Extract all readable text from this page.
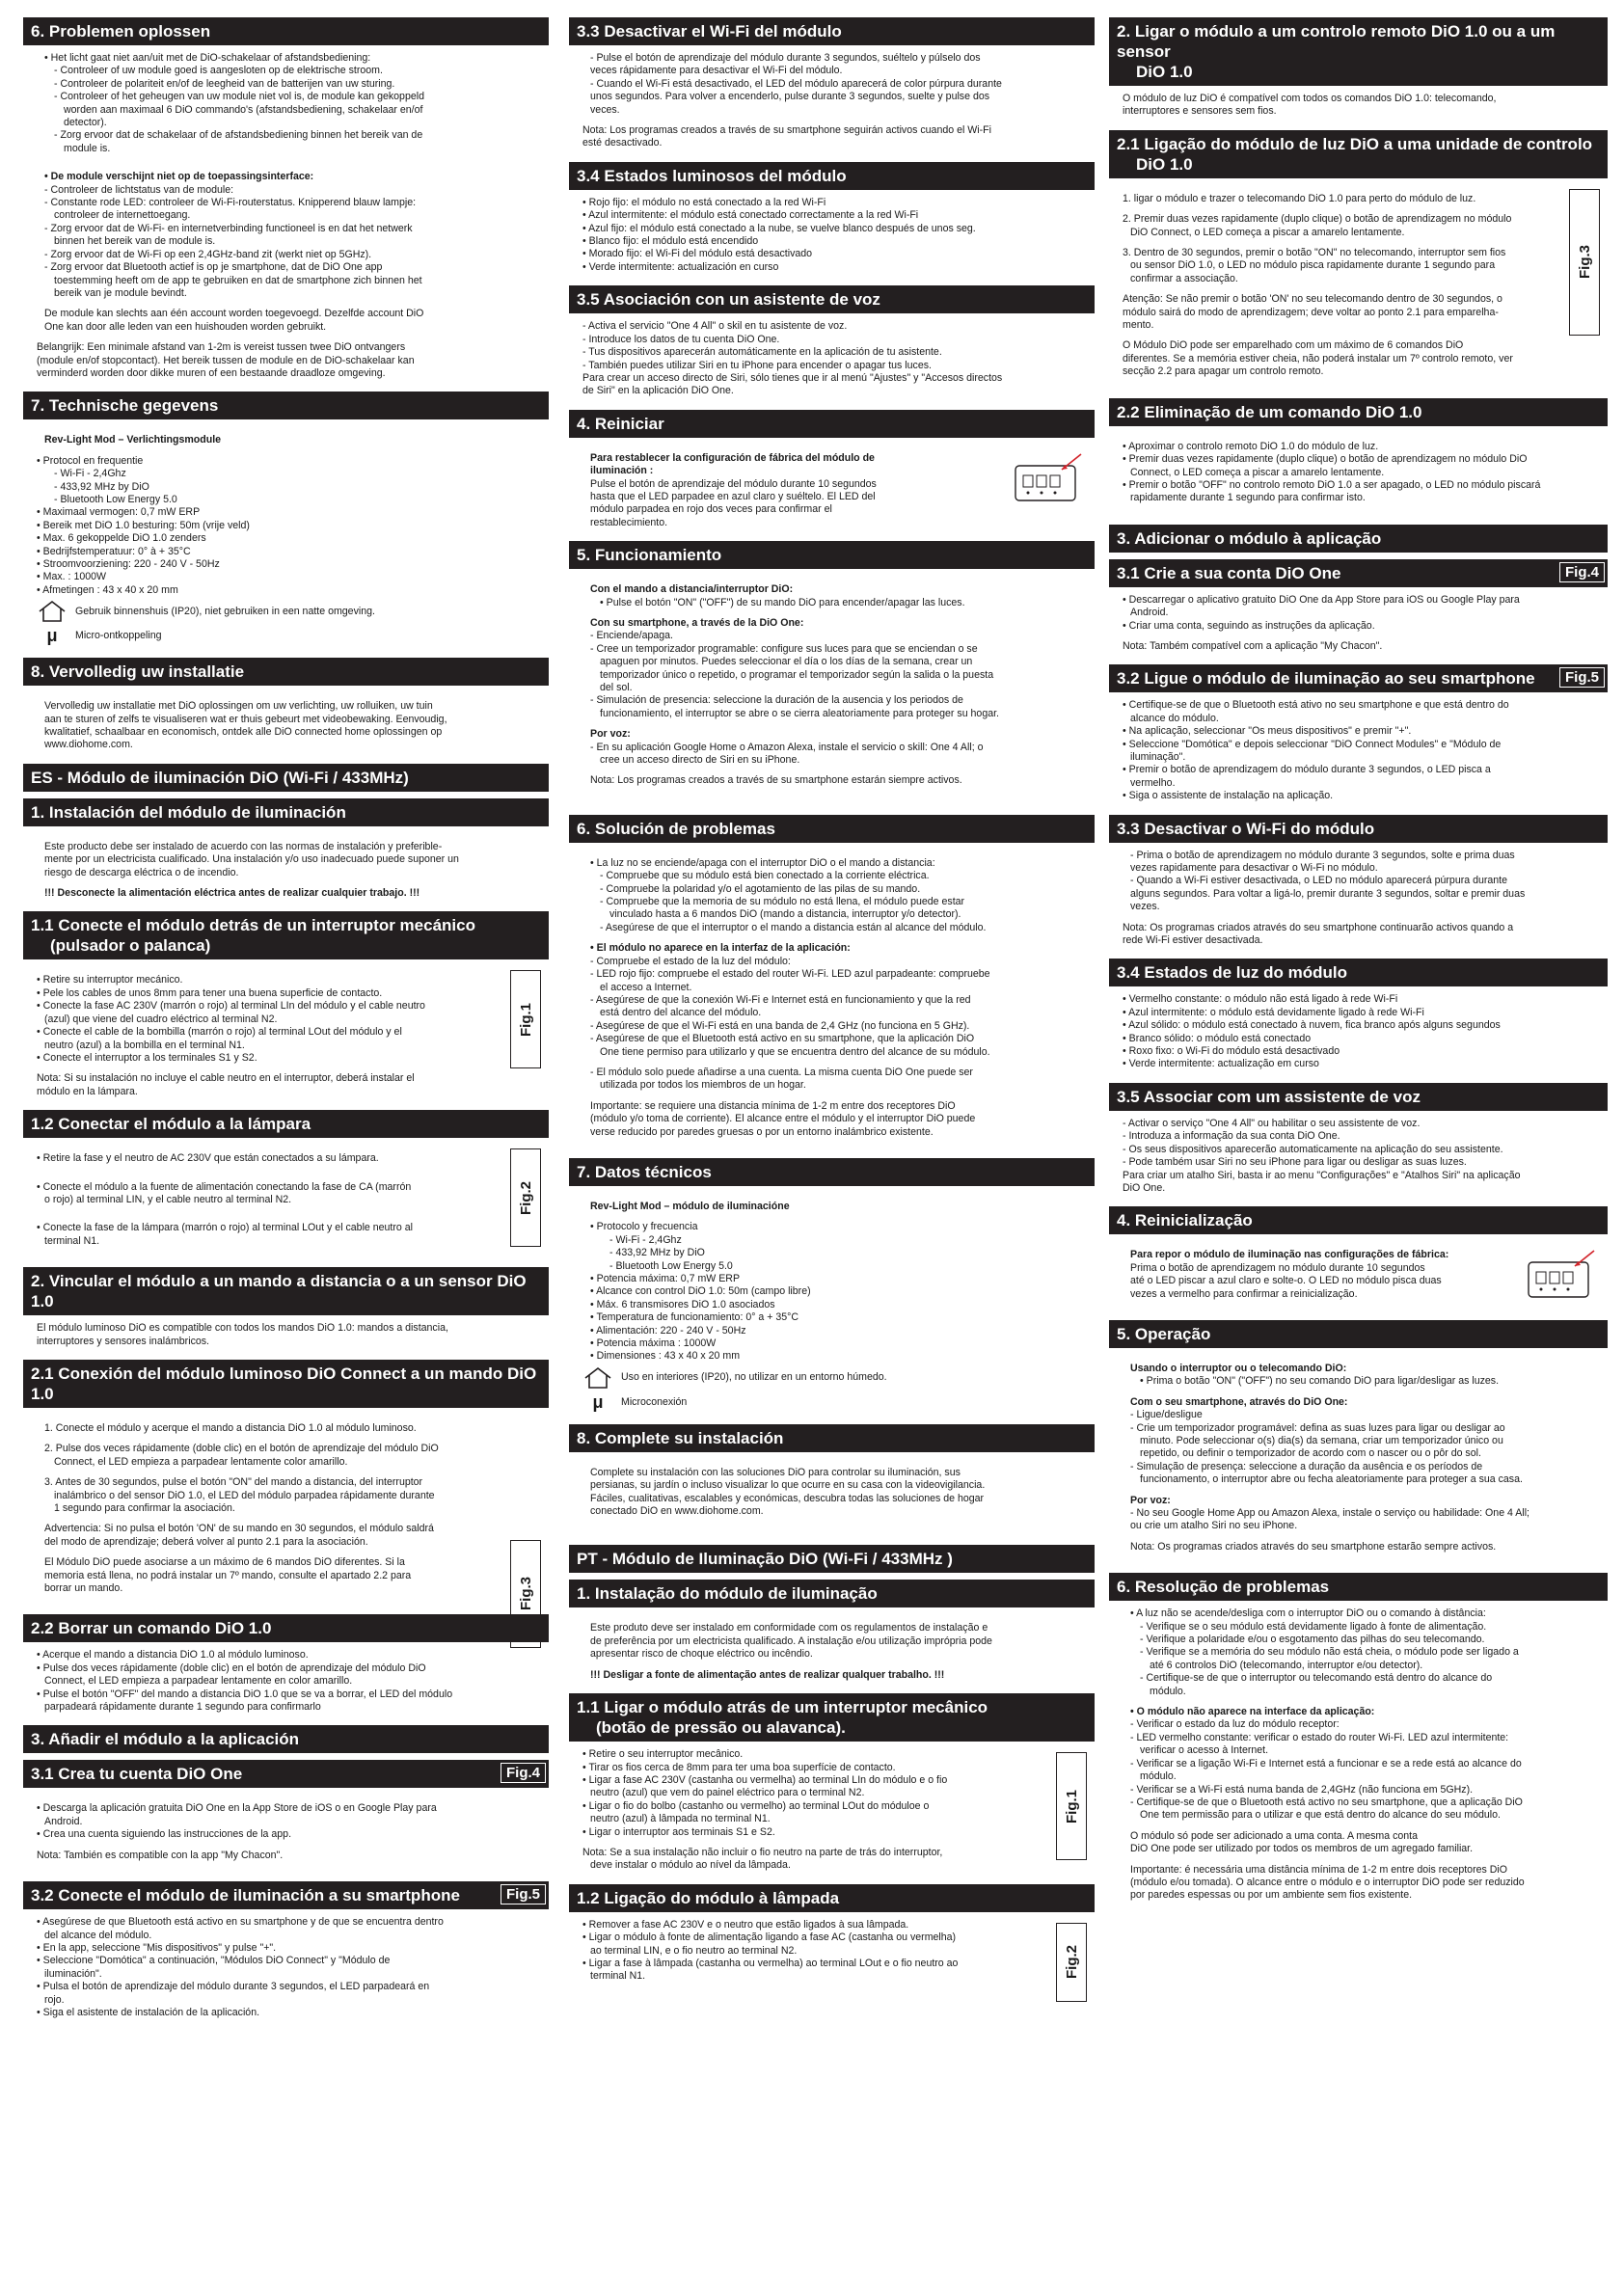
6. Problemen oplossen
• Het licht gaat niet aan/uit met de DiO-schakelaar of afstandsbediening:
- Controleer of uw module goed is aangesloten op de elektrische stroom.
- Controleer de polariteit en/of de leegheid van de batterijen van uw sturing.
- Controleer of het geheugen van uw module niet vol is, de module kan gekoppeld
worden aan maximaal 6 DiO commando's (afstandsbediening, schakelaar en/of
detector).
- Zorg ervoor dat de schakelaar of de afstandsbediening binnen het bereik van de
module is.
• De module verschijnt niet op de toepassingsinterface:
- Controleer de lichtstatus van de module:
- Constante rode LED: controleer de Wi-Fi-routerstatus. Knipperend blauw lampje:
controleer de internettoegang.
- Zorg ervoor dat de Wi-Fi- en internetverbinding functioneel is en dat het netwerk
binnen het bereik van de module is.
- Zorg ervoor dat de Wi-Fi op een 2,4GHz-band zit (werkt niet op 5GHz).
- Zorg ervoor dat Bluetooth actief is op je smartphone, dat de DiO One app
toestemming heeft om de app te gebruiken en dat de smartphone zich binnen het
bereik van je module bevindt.
De module kan slechts aan één account worden toegevoegd. Dezelfde account DiO
One kan door alle leden van een huishouden worden gebruikt.
Belangrijk: Een minimale afstand van 1-2m is vereist tussen twee DiO ontvangers
(module en/of stopcontact). Het bereik tussen de module en de DiO-schakelaar kan
verminderd worden door dikke muren of een bestaande draadloze omgeving.
7. Technische gegevens
Rev-Light Mod – Verlichtingsmodule
• Protocol en frequentie
- Wi-Fi - 2,4Ghz
- 433,92 MHz by DiO
- Bluetooth Low Energy 5.0
• Maximaal vermogen: 0,7 mW ERP
• Bereik met DiO 1.0 besturing: 50m (vrije veld)
• Max. 6 gekoppelde DiO 1.0 zenders
• Bedrijfstemperatuur: 0° à + 35°C
• Stroomvoorziening: 220 - 240 V - 50Hz
• Max. : 1000W
• Afmetingen : 43 x 40 x 20 mm
Gebruik binnenshuis (IP20), niet gebruiken in een natte omgeving.
μ	Micro-ontkoppeling
8. Vervolledig uw installatie
Vervolledig uw installatie met DiO oplossingen om uw verlichting, uw rolluiken, uw tuin
aan te sturen of zelfs te visualiseren wat er thuis gebeurt met videobewaking. Eenvoudig,
kwalitatief, schaalbaar en economisch, ontdek alle DiO connected home oplossingen op
www.diohome.com.
ES - Módulo de iluminación DiO (Wi-Fi / 433MHz)
1. Instalación del módulo de iluminación
Este producto debe ser instalado de acuerdo con las normas de instalación y preferible-
mente por un electricista cualificado. Una instalación y/o uso inadecuado puede suponer un
riesgo de descarga eléctrica o de incendio.
!!! Desconecte la alimentación eléctrica antes de realizar cualquier trabajo. !!!
1.1 Conecte el módulo detrás de un interruptor mecánico
(pulsador o palanca)
• Retire su interruptor mecánico.
• Pele los cables de unos 8mm para tener una buena superficie de contacto.
• Conecte la fase AC 230V (marrón o rojo) al terminal LIn del módulo y el cable neutro
(azul) que viene del cuadro eléctrico al terminal N2.
• Conecte el cable de la bombilla (marrón o rojo) al terminal LOut del módulo y el
neutro (azul) a la bombilla en el terminal N1.
• Conecte el interruptor a los terminales S1 y S2.
Nota: Si su instalación no incluye el cable neutro en el interruptor, deberá instalar el
módulo en la lámpara.
Fig.1
1.2 Conectar el módulo a la lámpara
• Retire la fase y el neutro de AC 230V que están conectados a su lámpara.
• Conecte el módulo a la fuente de alimentación conectando la fase de CA (marrón
o rojo) al terminal LIN, y el cable neutro al terminal N2.
• Conecte la fase de la lámpara (marrón o rojo) al terminal LOut y el cable neutro al
terminal N1.
Fig.2
2. Vincular el módulo a un mando a distancia o a un sensor DiO 1.0
El módulo luminoso DiO es compatible con todos los mandos DiO 1.0: mandos a distancia,
interruptores y sensores inalámbricos.
2.1 Conexión del módulo luminoso DiO Connect a un mando DiO 1.0
1. Conecte el módulo y acerque el mando a distancia DiO 1.0 al módulo luminoso.
2. Pulse dos veces rápidamente (doble clic) en el botón de aprendizaje del módulo DiO
Connect, el LED empieza a parpadear lentamente color amarillo.
3. Antes de 30 segundos, pulse el botón "ON" del mando a distancia, del interruptor
inalámbrico o del sensor DiO 1.0, el LED del módulo parpadea rápidamente durante
1 segundo para confirmar la asociación.
Advertencia: Si no pulsa el botón 'ON' de su mando en 30 segundos, el módulo saldrá
del modo de aprendizaje; deberá volver al punto 2.1 para la asociación.
El Módulo DiO puede asociarse a un máximo de 6 mandos DiO diferentes. Si la
memoria está llena, no podrá instalar un 7º mando, consulte el apartado 2.2 para
borrar un mando.	Fig.3
2.2 Borrar un comando DiO 1.0
• Acerque el mando a distancia DiO 1.0 al módulo luminoso.
• Pulse dos veces rápidamente (doble clic) en el botón de aprendizaje del módulo DiO
Connect, el LED empieza a parpadear lentamente en color amarillo.
• Pulse el botón "OFF" del mando a distancia DiO 1.0 que se va a borrar, el LED del módulo
parpadeará rápidamente durante 1 segundo para confirmarlo
3. Añadir el módulo a la aplicación
3.1 Crea tu cuenta DiO One	Fig.4
• Descarga la aplicación gratuita DiO One en la App Store de iOS o en Google Play para
Android.
• Crea una cuenta siguiendo las instrucciones de la app.
Nota: También es compatible con la app "My Chacon".
3.2 Conecte el módulo de iluminación a su smartphone	Fig.5
• Asegúrese de que Bluetooth está activo en su smartphone y de que se encuentra dentro
del alcance del módulo.
• En la app, seleccione "Mis dispositivos" y pulse "+".
• Seleccione "Domótica" a continuación, "Módulos DiO Connect" y "Módulo de
iluminación".
• Pulsa el botón de aprendizaje del módulo durante 3 segundos, el LED parpadeará en
rojo.
• Siga el asistente de instalación de la aplicación.
3.3 Desactivar el Wi-Fi del módulo
- Pulse el botón de aprendizaje del módulo durante 3 segundos, suéltelo y púlselo dos
veces rápidamente para desactivar el Wi-Fi del módulo.
- Cuando el Wi-Fi está desactivado, el LED del módulo aparecerá de color púrpura durante
unos segundos. Para volver a encenderlo, pulse durante 3 segundos, suelte y pulse dos
veces.
Nota: Los programas creados a través de su smartphone seguirán activos cuando el Wi-Fi
esté desactivado.
3.4 Estados luminosos del módulo
• Rojo fijo: el módulo no está conectado a la red Wi-Fi
• Azul intermitente: el módulo está conectado correctamente a la red Wi-Fi
• Azul fijo: el módulo está conectado a la nube, se vuelve blanco después de unos seg.
• Blanco fijo: el módulo está encendido
• Morado fijo: el Wi-Fi del módulo está desactivado
• Verde intermitente: actualización en curso
3.5 Asociación con un asistente de voz
- Activa el servicio "One 4 All" o skil en tu asistente de voz.
- Introduce los datos de tu cuenta DiO One.
- Tus dispositivos aparecerán automáticamente en la aplicación de tu asistente.
- También puedes utilizar Siri en tu iPhone para encender o apagar tus luces.
Para crear un acceso directo de Siri, sólo tienes que ir al menú "Ajustes" y "Accesos directos
de Siri" en la aplicación DiO One.
4. Reiniciar
Para restablecer la configuración de fábrica del módulo de
iluminación :
Pulse el botón de aprendizaje del módulo durante 10 segundos
hasta que el LED parpadee en azul claro y suéltelo. El LED del
módulo parpadea en rojo dos veces para confirmar el
restablecimiento.
5. Funcionamiento
Con el mando a distancia/interruptor DiO:
• Pulse el botón "ON" ("OFF") de su mando DiO para encender/apagar las luces.
Con su smartphone, a través de la DiO One:
- Enciende/apaga.
- Cree un temporizador programable: configure sus luces para que se enciendan o se
apaguen por minutos. Puedes seleccionar el día o los días de la semana, crear un
temporizador único o repetido, o programar el temporizador según la salida o la puesta
del sol.
- Simulación de presencia: seleccione la duración de la ausencia y los periodos de
funcionamiento, el interruptor se abre o se cierra aleatoriamente para proteger su hogar.
Por voz:
- En su aplicación Google Home o Amazon Alexa, instale el servicio o skill: One 4 All; o
cree un acceso directo de Siri en su iPhone.
Nota: Los programas creados a través de su smartphone estarán siempre activos.
6. Solución de problemas
• La luz no se enciende/apaga con el interruptor DiO o el mando a distancia:
- Compruebe que su módulo está bien conectado a la corriente eléctrica.
- Compruebe la polaridad y/o el agotamiento de las pilas de su mando.
- Compruebe que la memoria de su módulo no está llena, el módulo puede estar
vinculado hasta a 6 mandos DiO (mando a distancia, interruptor y/o detector).
- Asegúrese de que el interruptor o el mando a distancia están al alcance del módulo.
• El módulo no aparece en la interfaz de la aplicación:
- Compruebe el estado de la luz del módulo:
- LED rojo fijo: compruebe el estado del router Wi-Fi. LED azul parpadeante: compruebe
el acceso a Internet.
- Asegúrese de que la conexión Wi-Fi e Internet está en funcionamiento y que la red
está dentro del alcance del módulo.
- Asegúrese de que el Wi-Fi está en una banda de 2,4 GHz (no funciona en 5 GHz).
- Asegúrese de que el Bluetooth está activo en su smartphone, que la aplicación DiO
One tiene permiso para utilizarlo y que se encuentra dentro del alcance de su módulo.
- El módulo solo puede añadirse a una cuenta. La misma cuenta DiO One puede ser
utilizada por todos los miembros de un hogar.
Importante: se requiere una distancia mínima de 1-2 m entre dos receptores DiO
(módulo y/o toma de corriente). El alcance entre el módulo y el interruptor DiO puede
verse reducido por paredes gruesas o por un entorno inalámbrico existente.
7. Datos técnicos
Rev-Light Mod – módulo de iluminacióne
• Protocolo y frecuencia
- Wi-Fi - 2,4Ghz
- 433,92 MHz by DiO
- Bluetooth Low Energy 5.0
• Potencia máxima: 0,7 mW ERP
• Alcance con control DiO 1.0: 50m (campo libre)
• Máx. 6 transmisores DiO 1.0 asociados
• Temperatura de funcionamiento: 0° a + 35°C
• Alimentación: 220 - 240 V - 50Hz
• Potencia máxima : 1000W
• Dimensiones : 43 x 40 x 20 mm
Uso en interiores (IP20), no utilizar en un entorno húmedo.
μ	Microconexión
8. Complete su instalación
Complete su instalación con las soluciones DiO para controlar su iluminación, sus
persianas, su jardín o incluso visualizar lo que ocurre en su casa con la videovigilancia.
Fáciles, cualitativas, escalables y económicas, descubra todas las soluciones de hogar
conectado DiO en www.diohome.com.
PT - Módulo de Iluminação DiO (Wi-Fi / 433MHz )
1. Instalação do módulo de iluminação
Este produto deve ser instalado em conformidade com os regulamentos de instalação e
de preferência por um electricista qualificado. A instalação e/ou utilização imprópria pode
apresentar risco de choque eléctrico ou incêndio.
!!! Desligar a fonte de alimentação antes de realizar qualquer trabalho. !!!
1.1 Ligar o módulo atrás de um interruptor mecânico
(botão de pressão ou alavanca).
• Retire o seu interruptor mecânico.
• Tirar os fios cerca de 8mm para ter uma boa superfície de contacto.
• Ligar a fase AC 230V (castanha ou vermelha) ao terminal LIn do módulo e o fio
neutro (azul) que vem do painel eléctrico para o terminal N2.
• Ligar o fio do bolbo (castanho ou vermelho) ao terminal LOut do móduloe o
neutro (azul) à lâmpada no terminal N1.
• Ligar o interruptor aos terminais S1 e S2.
Nota: Se a sua instalação não incluir o fio neutro na parte de trás do interruptor,
deve instalar o módulo ao nível da lâmpada.
Fig.1
1.2 Ligação do módulo à lâmpada
• Remover a fase AC 230V e o neutro que estão ligados à sua lâmpada.
• Ligar o módulo à fonte de alimentação ligando a fase AC (castanha ou vermelha)
ao terminal LIN, e o fio neutro ao terminal N2.
• Ligar a fase à lâmpada (castanha ou vermelha) ao terminal LOut e o fio neutro ao
terminal N1.	Fig.2
2. Ligar o módulo a um controlo remoto DiO 1.0 ou a um sensor
DiO 1.0
O módulo de luz DiO é compatível com todos os comandos DiO 1.0: telecomando,
interruptores e sensores sem fios.
2.1 Ligação do módulo de luz DiO a uma unidade de controlo
DiO 1.0
1. ligar o módulo e trazer o telecomando DiO 1.0 para perto do módulo de luz.
2. Premir duas vezes rapidamente (duplo clique) o botão de aprendizagem no módulo
DiO Connect, o LED começa a piscar a amarelo lentamente.
3. Dentro de 30 segundos, premir o botão "ON" no telecomando, interruptor sem fios
ou sensor DiO 1.0, o LED no módulo pisca rapidamente durante 1 segundo para
confirmar a associação.
Atenção: Se não premir o botão 'ON' no seu telecomando dentro de 30 segundos, o
módulo sairá do modo de aprendizagem; deve voltar ao ponto 2.1 para emparelha-
mento.
O Módulo DiO pode ser emparelhado com um máximo de 6 comandos DiO
diferentes. Se a memória estiver cheia, não poderá instalar um 7º controlo remoto, ver
secção 2.2 para apagar um controlo remoto.
Fig.3
2.2 Eliminação de um comando DiO 1.0
• Aproximar o controlo remoto DiO 1.0 do módulo de luz.
• Premir duas vezes rapidamente (duplo clique) o botão de aprendizagem no módulo DiO
Connect, o LED começa a piscar a amarelo lentamente.
• Premir o botão "OFF" no controlo remoto DiO 1.0 a ser apagado, o LED no módulo piscará
rapidamente durante 1 segundo para confirmar isto.
3. Adicionar o módulo à aplicação
3.1 Crie a sua conta DiO One	Fig.4
• Descarregar o aplicativo gratuito DiO One da App Store para iOS ou Google Play para
Android.
• Criar uma conta, seguindo as instruções da aplicação.
Nota: Também compatível com a aplicação "My Chacon".
3.2 Ligue o módulo de iluminação ao seu smartphone	Fig.5
• Certifique-se de que o Bluetooth está ativo no seu smartphone e que está dentro do
alcance do módulo.
• Na aplicação, seleccionar "Os meus dispositivos" e premir "+".
• Seleccione "Domótica" e depois seleccionar "DiO Connect Modules" e "Módulo de
iluminação".
• Premir o botão de aprendizagem do módulo durante 3 segundos, o LED pisca a
vermelho.
• Siga o assistente de instalação na aplicação.
3.3 Desactivar o Wi-Fi do módulo
- Prima o botão de aprendizagem no módulo durante 3 segundos, solte e prima duas
vezes rapidamente para desactivar o Wi-Fi no módulo.
- Quando a Wi-Fi estiver desactivada, o LED no módulo aparecerá púrpura durante
alguns segundos. Para voltar a ligá-lo, premir durante 3 segundos, soltar e premir duas
vezes.
Nota: Os programas criados através do seu smartphone continuarão activos quando a
rede Wi-Fi estiver desactivada.
3.4 Estados de luz do módulo
• Vermelho constante: o módulo não está ligado à rede Wi-Fi
• Azul intermitente: o módulo está devidamente ligado à rede Wi-Fi
• Azul sólido: o módulo está conectado à nuvem, fica branco após alguns segundos
• Branco sólido: o módulo está conectado
• Roxo fixo: o Wi-Fi do módulo está desactivado
• Verde intermitente: actualização em curso
3.5 Associar com um assistente de voz
- Activar o serviço "One 4 All" ou habilitar o seu assistente de voz.
- Introduza a informação da sua conta DiO One.
- Os seus dispositivos aparecerão automaticamente na aplicação do seu assistente.
- Pode também usar Siri no seu iPhone para ligar ou desligar as suas luzes.
Para criar um atalho Siri, basta ir ao menu "Configurações" e "Atalhos Siri" na aplicação
DiO One.
4. Reinicialização
Para repor o módulo de iluminação nas configurações de fábrica:
Prima o botão de aprendizagem no módulo durante 10 segundos
até o LED piscar a azul claro e solte-o. O LED no módulo pisca duas
vezes a vermelho para confirmar a reinicialização.
5. Operação
Usando o interruptor ou o telecomando DiO:
• Prima o botão "ON" ("OFF") no seu comando DiO para ligar/desligar as luzes.
Com o seu smartphone, através do DiO One:
- Ligue/desligue
- Crie um temporizador programável: defina as suas luzes para ligar ou desligar ao
minuto. Pode seleccionar o(s) dia(s) da semana, criar um temporizador único ou
repetido, ou definir o temporizador de acordo com o nascer ou o pôr do sol.
- Simulação de presença: seleccione a duração da ausência e os períodos de
funcionamento, o interruptor abre ou fecha aleatoriamente para proteger a sua casa.
Por voz:
- No seu Google Home App ou Amazon Alexa, instale o serviço ou habilidade: One 4 All;
ou crie um atalho Siri no seu iPhone.
Nota: Os programas criados através do seu smartphone estarão sempre activos.
6. Resolução de problemas
• A luz não se acende/desliga com o interruptor DiO ou o comando à distância:
- Verifique se o seu módulo está devidamente ligado à fonte de alimentação.
- Verifique a polaridade e/ou o esgotamento das pilhas do seu telecomando.
- Verifique se a memória do seu módulo não está cheia, o módulo pode ser ligado a
até 6 controlos DiO (telecomando, interruptor e/ou detector).
- Certifique-se de que o interruptor ou telecomando está dentro do alcance do
módulo.
• O módulo não aparece na interface da aplicação:
- Verificar o estado da luz do módulo receptor:
- LED vermelho constante: verificar o estado do router Wi-Fi. LED azul intermitente:
verificar o acesso à Internet.
- Verificar se a ligação Wi-Fi e Internet está a funcionar e se a rede está ao alcance do
módulo.
- Verificar se a Wi-Fi está numa banda de 2,4GHz (não funciona em 5GHz).
- Certifique-se de que o Bluetooth está activo no seu smartphone, que a aplicação DiO
One tem permissão para o utilizar e que está dentro do alcance do seu módulo.
O módulo só pode ser adicionado a uma conta. A mesma conta
DiO One pode ser utilizado por todos os membros de um agregado familiar.
Importante: é necessária uma distância mínima de 1-2 m entre dois receptores DiO
(módulo e/ou tomada). O alcance entre o módulo e o interruptor DiO pode ser reduzido
por paredes espessas ou por um ambiente sem fios existente.
